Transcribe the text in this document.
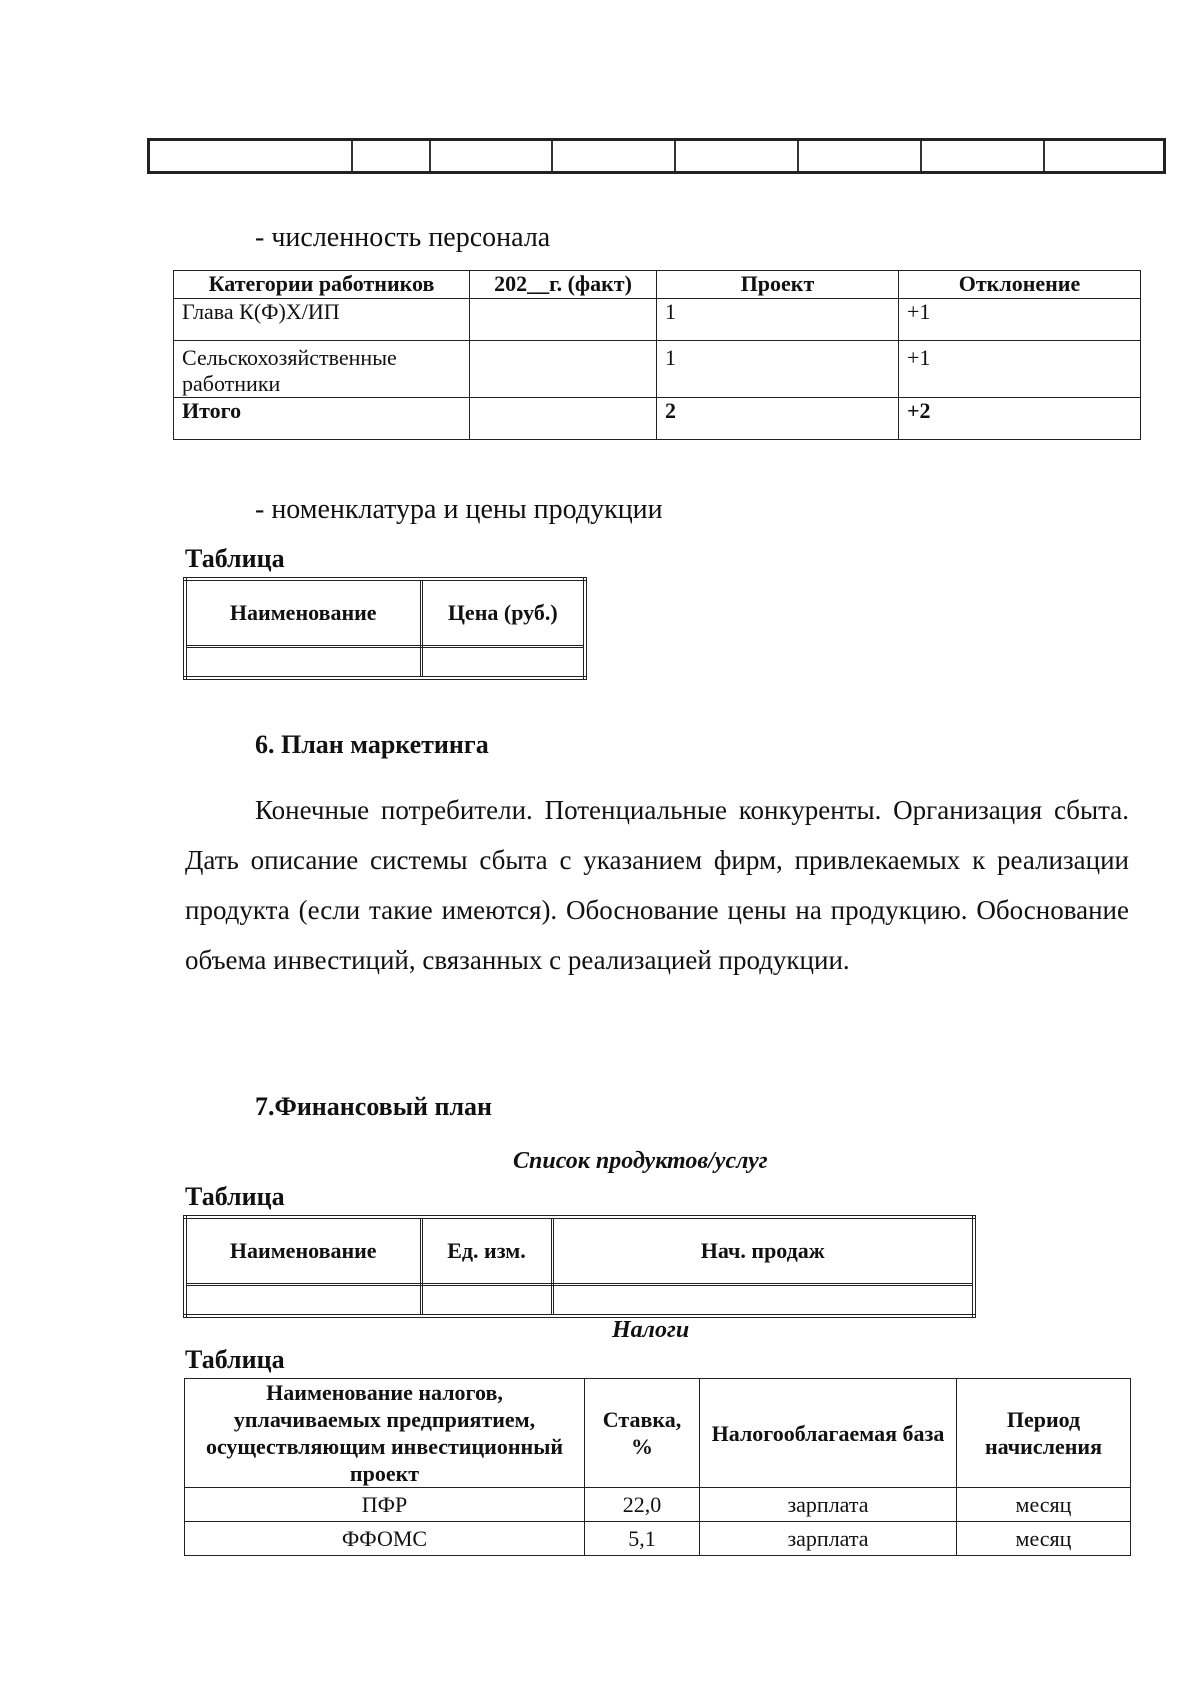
- численность персонала
Категории работников	202__г. (факт)	Проект	Отклонение
Глава К(Ф)Х/ИП		1	+1
Сельскохозяйственные работники		1	+1
Итого		2	+2
- номенклатура и цены продукции
Таблица
Наименование	Цена (руб.)

6. План маркетинга
Конечные потребители. Потенциальные конкуренты. Организация сбыта. Дать описание системы сбыта с указанием фирм, привлекаемых к реализации продукта (если такие имеются). Обоснование цены на продукцию. Обоснование объема инвестиций, связанных с реализацией продукции.
7.Финансовый план
Список продуктов/услуг
Таблица
Наименование	Ед. изм.	Нач. продаж

Налоги
Таблица
Наименование налогов, уплачиваемых предприятием, осуществляющим инвестиционный проект	Ставка, %	Налогооблагаемая база	Период начисления
ПФР	22,0	зарплата	месяц
ФФОМС	5,1	зарплата	месяц
